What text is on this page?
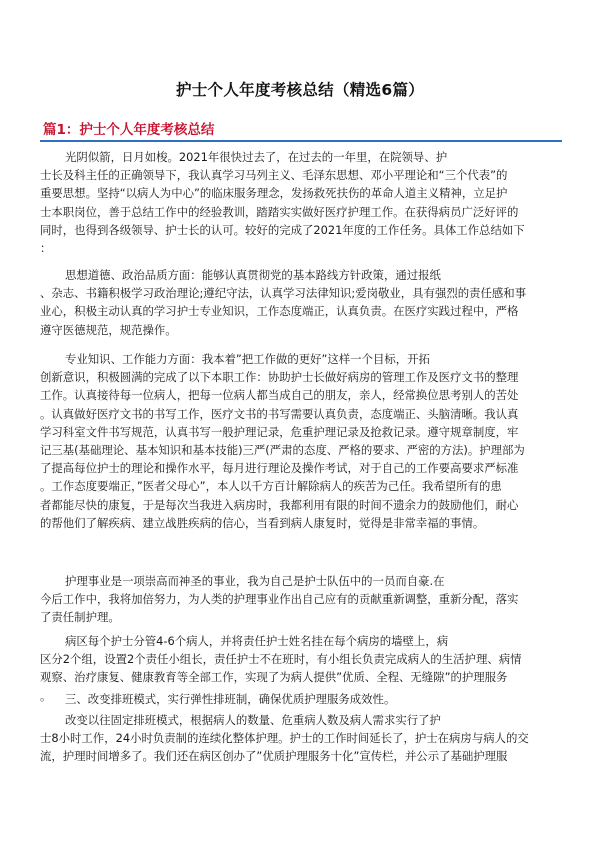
护士个人年度考核总结（精选6篇）
篇1：护士个人年度考核总结
光阴似箭，日月如梭。2021年很快过去了，在过去的一年里，在院领导、护
士长及科主任的正确领导下，我认真学习马列主义、毛泽东思想、邓小平理论和“三个代表”的
重要思想。坚持“以病人为中心”的临床服务理念，发扬救死扶伤的革命人道主义精神，立足护
士本职岗位，善于总结工作中的经验教训，踏踏实实做好医疗护理工作。在获得病员广泛好评的
同时，也得到各级领导、护士长的认可。较好的完成了2021年度的工作任务。具体工作总结如下
：
思想道德、政治品质方面：能够认真贯彻党的基本路线方针政策，通过报纸
、杂志、书籍积极学习政治理论;遵纪守法，认真学习法律知识;爱岗敬业，具有强烈的责任感和事
业心，积极主动认真的学习护士专业知识，工作态度端正，认真负责。在医疗实践过程中，严格
遵守医德规范，规范操作。
专业知识、工作能力方面：我本着”把工作做的更好”这样一个目标，开拓
创新意识，积极圆满的完成了以下本职工作：协助护士长做好病房的管理工作及医疗文书的整理
工作。认真接待每一位病人，把每一位病人都当成自己的朋友，亲人，经常换位思考别人的苦处
。认真做好医疗文书的书写工作，医疗文书的书写需要认真负责，态度端正、头脑清晰。我认真
学习科室文件书写规范，认真书写一般护理记录，危重护理记录及抢救记录。遵守规章制度，牢
记三基(基础理论、基本知识和基本技能)三严(严肃的态度、严格的要求、严密的方法)。护理部为
了提高每位护士的理论和操作水平，每月进行理论及操作考试，对于自己的工作要高要求严标准
。工作态度要端正，”医者父母心”，本人以千方百计解除病人的疾苦为己任。我希望所有的患
者都能尽快的康复，于是每次当我进入病房时，我都利用有限的时间不遗余力的鼓励他们，耐心
的帮他们了解疾病、建立战胜疾病的信心，当看到病人康复时，觉得是非常幸福的事情。
护理事业是一项崇高而神圣的事业，我为自己是护士队伍中的一员而自豪.在
今后工作中，我将加倍努力，为人类的护理事业作出自己应有的贡献重新调整，重新分配，落实
了责任制护理。
病区每个护士分管4-6个病人，并将责任护士姓名挂在每个病房的墙壁上，病
区分2个组，设置2个责任小组长，责任护士不在班时，有小组长负责完成病人的生活护理、病情
观察、治疗康复、健康教育等全部工作，实现了为病人提供”优质、全程、无缝隙”的护理服务
。	三、改变排班模式，实行弹性排班制，确保优质护理服务成效性。
改变以往固定排班模式，根据病人的数量、危重病人数及病人需求实行了护
士8小时工作，24小时负责制的连续化整体护理。护士的工作时间延长了，护士在病房与病人的交
流，护理时间增多了。我们还在病区创办了”优质护理服务十化”宣传栏，并公示了基础护理服
